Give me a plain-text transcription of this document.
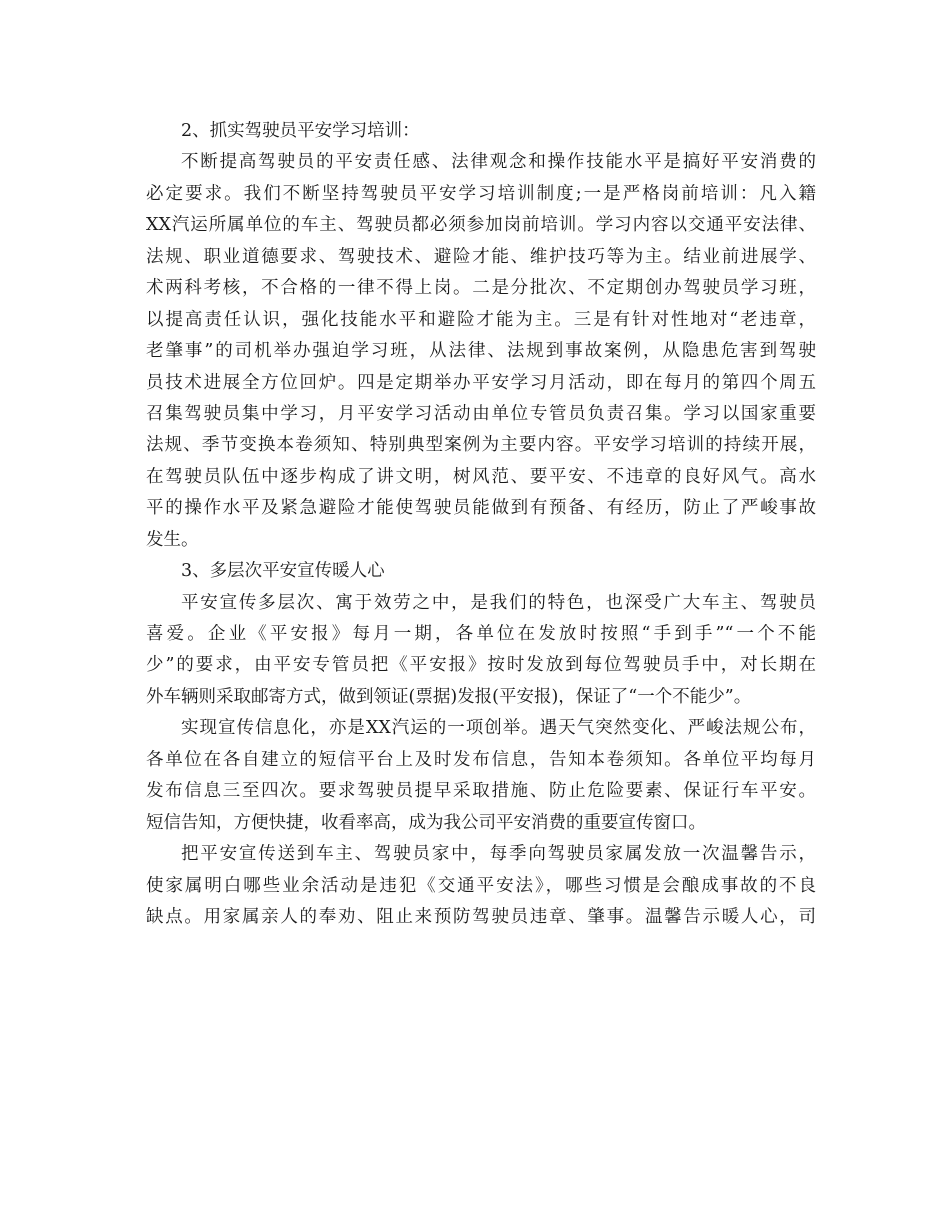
2、抓实驾驶员平安学习培训：
不断提高驾驶员的平安责任感、法律观念和操作技能水平是搞好平安消费的
必定要求。我们不断坚持驾驶员平安学习培训制度;一是严格岗前培训：凡入籍
XX汽运所属单位的车主、驾驶员都必须参加岗前培训。学习内容以交通平安法律、
法规、职业道德要求、驾驶技术、避险才能、维护技巧等为主。结业前进展学、
术两科考核，不合格的一律不得上岗。二是分批次、不定期创办驾驶员学习班，
以提高责任认识，强化技能水平和避险才能为主。三是有针对性地对“老违章，
老肇事”的司机举办强迫学习班，从法律、法规到事故案例，从隐患危害到驾驶
员技术进展全方位回炉。四是定期举办平安学习月活动，即在每月的第四个周五
召集驾驶员集中学习，月平安学习活动由单位专管员负责召集。学习以国家重要
法规、季节变换本卷须知、特别典型案例为主要内容。平安学习培训的持续开展，
在驾驶员队伍中逐步构成了讲文明，树风范、要平安、不违章的良好风气。高水
平的操作水平及紧急避险才能使驾驶员能做到有预备、有经历，防止了严峻事故
发生。
3、多层次平安宣传暖人心
平安宣传多层次、寓于效劳之中，是我们的特色，也深受广大车主、驾驶员
喜爱。企业《平安报》每月一期，各单位在发放时按照“手到手”“一个不能
少”的要求，由平安专管员把《平安报》按时发放到每位驾驶员手中，对长期在
外车辆则采取邮寄方式，做到领证(票据)发报(平安报)，保证了“一个不能少”。
实现宣传信息化，亦是XX汽运的一项创举。遇天气突然变化、严峻法规公布，
各单位在各自建立的短信平台上及时发布信息，告知本卷须知。各单位平均每月
发布信息三至四次。要求驾驶员提早采取措施、防止危险要素、保证行车平安。
短信告知，方便快捷，收看率高，成为我公司平安消费的重要宣传窗口。
把平安宣传送到车主、驾驶员家中，每季向驾驶员家属发放一次温馨告示，
使家属明白哪些业余活动是违犯《交通平安法》，哪些习惯是会酿成事故的不良
缺点。用家属亲人的奉劝、阻止来预防驾驶员违章、肇事。温馨告示暖人心，司
